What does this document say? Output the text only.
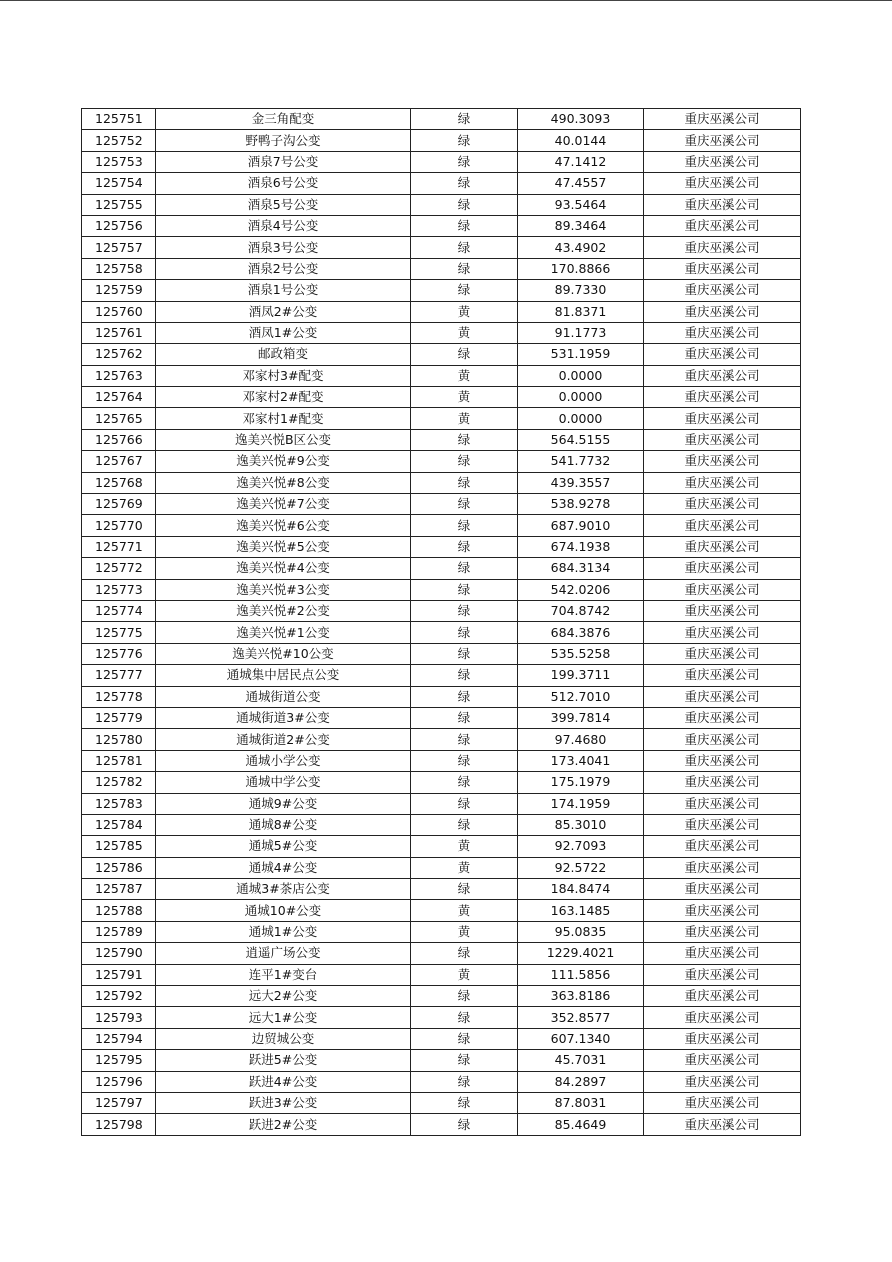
125751	金三角配变	绿	490.3093	重庆巫溪公司
125752	野鸭子沟公变	绿	40.0144	重庆巫溪公司
125753	酒泉7号公变	绿	47.1412	重庆巫溪公司
125754	酒泉6号公变	绿	47.4557	重庆巫溪公司
125755	酒泉5号公变	绿	93.5464	重庆巫溪公司
125756	酒泉4号公变	绿	89.3464	重庆巫溪公司
125757	酒泉3号公变	绿	43.4902	重庆巫溪公司
125758	酒泉2号公变	绿	170.8866	重庆巫溪公司
125759	酒泉1号公变	绿	89.7330	重庆巫溪公司
125760	酒凤2#公变	黄	81.8371	重庆巫溪公司
125761	酒凤1#公变	黄	91.1773	重庆巫溪公司
125762	邮政箱变	绿	531.1959	重庆巫溪公司
125763	邓家村3#配变	黄	0.0000	重庆巫溪公司
125764	邓家村2#配变	黄	0.0000	重庆巫溪公司
125765	邓家村1#配变	黄	0.0000	重庆巫溪公司
125766	逸美兴悦B区公变	绿	564.5155	重庆巫溪公司
125767	逸美兴悦#9公变	绿	541.7732	重庆巫溪公司
125768	逸美兴悦#8公变	绿	439.3557	重庆巫溪公司
125769	逸美兴悦#7公变	绿	538.9278	重庆巫溪公司
125770	逸美兴悦#6公变	绿	687.9010	重庆巫溪公司
125771	逸美兴悦#5公变	绿	674.1938	重庆巫溪公司
125772	逸美兴悦#4公变	绿	684.3134	重庆巫溪公司
125773	逸美兴悦#3公变	绿	542.0206	重庆巫溪公司
125774	逸美兴悦#2公变	绿	704.8742	重庆巫溪公司
125775	逸美兴悦#1公变	绿	684.3876	重庆巫溪公司
125776	逸美兴悦#10公变	绿	535.5258	重庆巫溪公司
125777	通城集中居民点公变	绿	199.3711	重庆巫溪公司
125778	通城街道公变	绿	512.7010	重庆巫溪公司
125779	通城街道3#公变	绿	399.7814	重庆巫溪公司
125780	通城街道2#公变	绿	97.4680	重庆巫溪公司
125781	通城小学公变	绿	173.4041	重庆巫溪公司
125782	通城中学公变	绿	175.1979	重庆巫溪公司
125783	通城9#公变	绿	174.1959	重庆巫溪公司
125784	通城8#公变	绿	85.3010	重庆巫溪公司
125785	通城5#公变	黄	92.7093	重庆巫溪公司
125786	通城4#公变	黄	92.5722	重庆巫溪公司
125787	通城3#茶店公变	绿	184.8474	重庆巫溪公司
125788	通城10#公变	黄	163.1485	重庆巫溪公司
125789	通城1#公变	黄	95.0835	重庆巫溪公司
125790	逍遥广场公变	绿	1229.4021	重庆巫溪公司
125791	连平1#变台	黄	111.5856	重庆巫溪公司
125792	远大2#公变	绿	363.8186	重庆巫溪公司
125793	远大1#公变	绿	352.8577	重庆巫溪公司
125794	边贸城公变	绿	607.1340	重庆巫溪公司
125795	跃进5#公变	绿	45.7031	重庆巫溪公司
125796	跃进4#公变	绿	84.2897	重庆巫溪公司
125797	跃进3#公变	绿	87.8031	重庆巫溪公司
125798	跃进2#公变	绿	85.4649	重庆巫溪公司
